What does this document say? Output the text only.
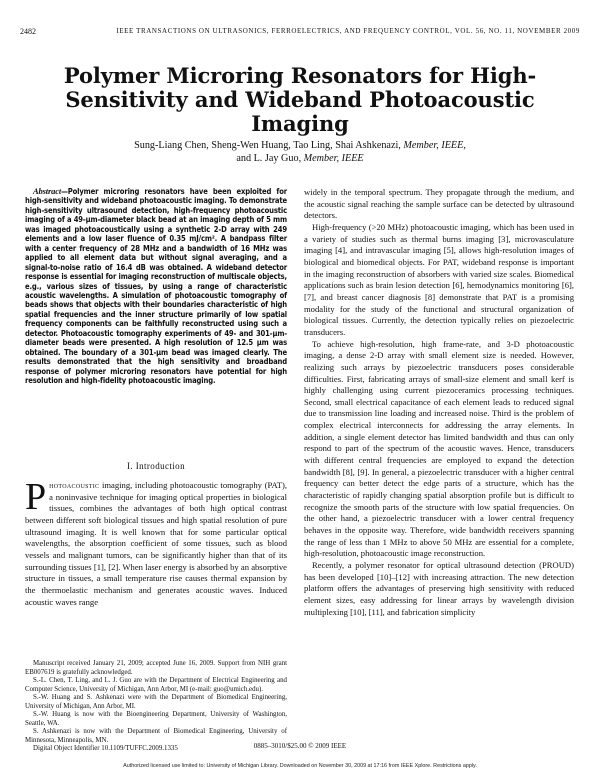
2482	IEEE TRANSACTIONS ON ULTRASONICS, FERROELECTRICS, AND FREQUENCY CONTROL, VOL. 56, NO. 11, NOVEMBER 2009
Polymer Microring Resonators for High-Sensitivity and Wideband Photoacoustic Imaging
Sung-Liang Chen, Sheng-Wen Huang, Tao Ling, Shai Ashkenazi, Member, IEEE,
and L. Jay Guo, Member, IEEE

Abstract—Polymer microring resonators have been exploited for high-sensitivity and wideband photoacoustic imaging. To demonstrate high-sensitivity ultrasound detection, high-frequency photoacoustic imaging of a 49-μm-diameter black bead at an imaging depth of 5 mm was imaged photoacoustically using a synthetic 2-D array with 249 elements and a low laser fluence of 0.35 mJ/cm². A bandpass filter with a center frequency of 28 MHz and a bandwidth of 16 MHz was applied to all element data but without signal averaging, and a signal-to-noise ratio of 16.4 dB was obtained. A wideband detector response is essential for imaging reconstruction of multiscale objects, e.g., various sizes of tissues, by using a range of characteristic acoustic wavelengths. A simulation of photoacoustic tomography of beads shows that objects with their boundaries characteristic of high spatial frequencies and the inner structure primarily of low spatial frequency components can be faithfully reconstructed using such a detector. Photoacoustic tomography experiments of 49- and 301-μm-diameter beads were presented. A high resolution of 12.5 μm was obtained. The boundary of a 301-μm bead was imaged clearly. The results demonstrated that the high sensitivity and broadband response of polymer microring resonators have potential for high resolution and high-fidelity photoacoustic imaging.

I. Introduction
Photoacoustic imaging, including photoacoustic tomography (PAT), a noninvasive technique for imaging optical properties in biological tissues, combines the advantages of both high optical contrast between different soft biological tissues and high spatial resolution of pure ultrasound imaging. It is well known that for some particular optical wavelengths, the absorption coefficient of some tissues, such as blood vessels and malignant tumors, can be significantly higher than that of its surrounding tissues [1], [2]. When laser energy is absorbed by an absorptive structure in tissues, a small temperature rise causes thermal expansion by the thermoelastic mechanism and generates acoustic waves. Induced acoustic waves range

Manuscript received January 21, 2009; accepted June 16, 2009. Support from NIH grant EB007619 is gratefully acknowledged.

S.-L. Chen, T. Ling, and L. J. Guo are with the Department of Electrical Engineering and Computer Science, University of Michigan, Ann Arbor, MI (e-mail: guo@umich.edu).

S.-W. Huang and S. Ashkenazi were with the Department of Biomedical Engineering, University of Michigan, Ann Arbor, MI.

S.-W. Huang is now with the Bioengineering Department, University of Washington, Seattle, WA.

S. Ashkenazi is now with the Department of Biomedical Engineering, University of Minnesota, Minneapolis, MN.

Digital Object Identifier 10.1109/TUFFC.2009.1335

widely in the temporal spectrum. They propagate through the medium, and the acoustic signal reaching the sample surface can be detected by ultrasound detectors.

High-frequency (>20 MHz) photoacoustic imaging, which has been used in a variety of studies such as thermal burns imaging [3], microvasculature imaging [4], and intravascular imaging [5], allows high-resolution images of biological and biomedical objects. For PAT, wideband response is important in the imaging reconstruction of absorbers with varied size scales. Biomedical applications such as brain lesion detection [6], hemodynamics monitoring [6], [7], and breast cancer diagnosis [8] demonstrate that PAT is a promising modality for the study of the functional and structural organization of biological tissues. Currently, the detection typically relies on piezoelectric transducers.

To achieve high-resolution, high frame-rate, and 3-D photoacoustic imaging, a dense 2-D array with small element size is needed. However, realizing such arrays by piezoelectric transducers poses considerable difficulties. First, fabricating arrays of small-size element and small kerf is highly challenging using current piezoceramics processing techniques. Second, small electrical capacitance of each element leads to reduced signal due to transmission line loading and increased noise. Third is the problem of complex electrical interconnects for addressing the array elements. In addition, a single element detector has limited bandwidth and thus can only respond to part of the spectrum of the acoustic waves. Hence, transducers with different central frequencies are employed to expand the detection bandwidth [8], [9]. In general, a piezoelectric transducer with a higher central frequency can better detect the edge parts of a structure, which has the characteristic of rapidly changing spatial absorption profile but is difficult to recognize the smooth parts of the structure with low spatial frequencies. On the other hand, a piezoelectric transducer with a lower central frequency behaves in the opposite way. Therefore, wide bandwidth receivers spanning the range of less than 1 MHz to above 50 MHz are essential for a complete, high-resolution, photoacoustic image reconstruction.

Recently, a polymer resonator for optical ultrasound detection (PROUD) has been developed [10]–[12] with increasing attraction. The new detection platform offers the advantages of preserving high sensitivity with reduced element sizes, easy addressing for linear arrays by wavelength division multiplexing [10], [11], and fabrication simplicity

0885–3010/$25.00 © 2009 IEEE
Authorized licensed use limited to: University of Michigan Library. Downloaded on November 30, 2009 at 17:16 from IEEE Xplore. Restrictions apply.
